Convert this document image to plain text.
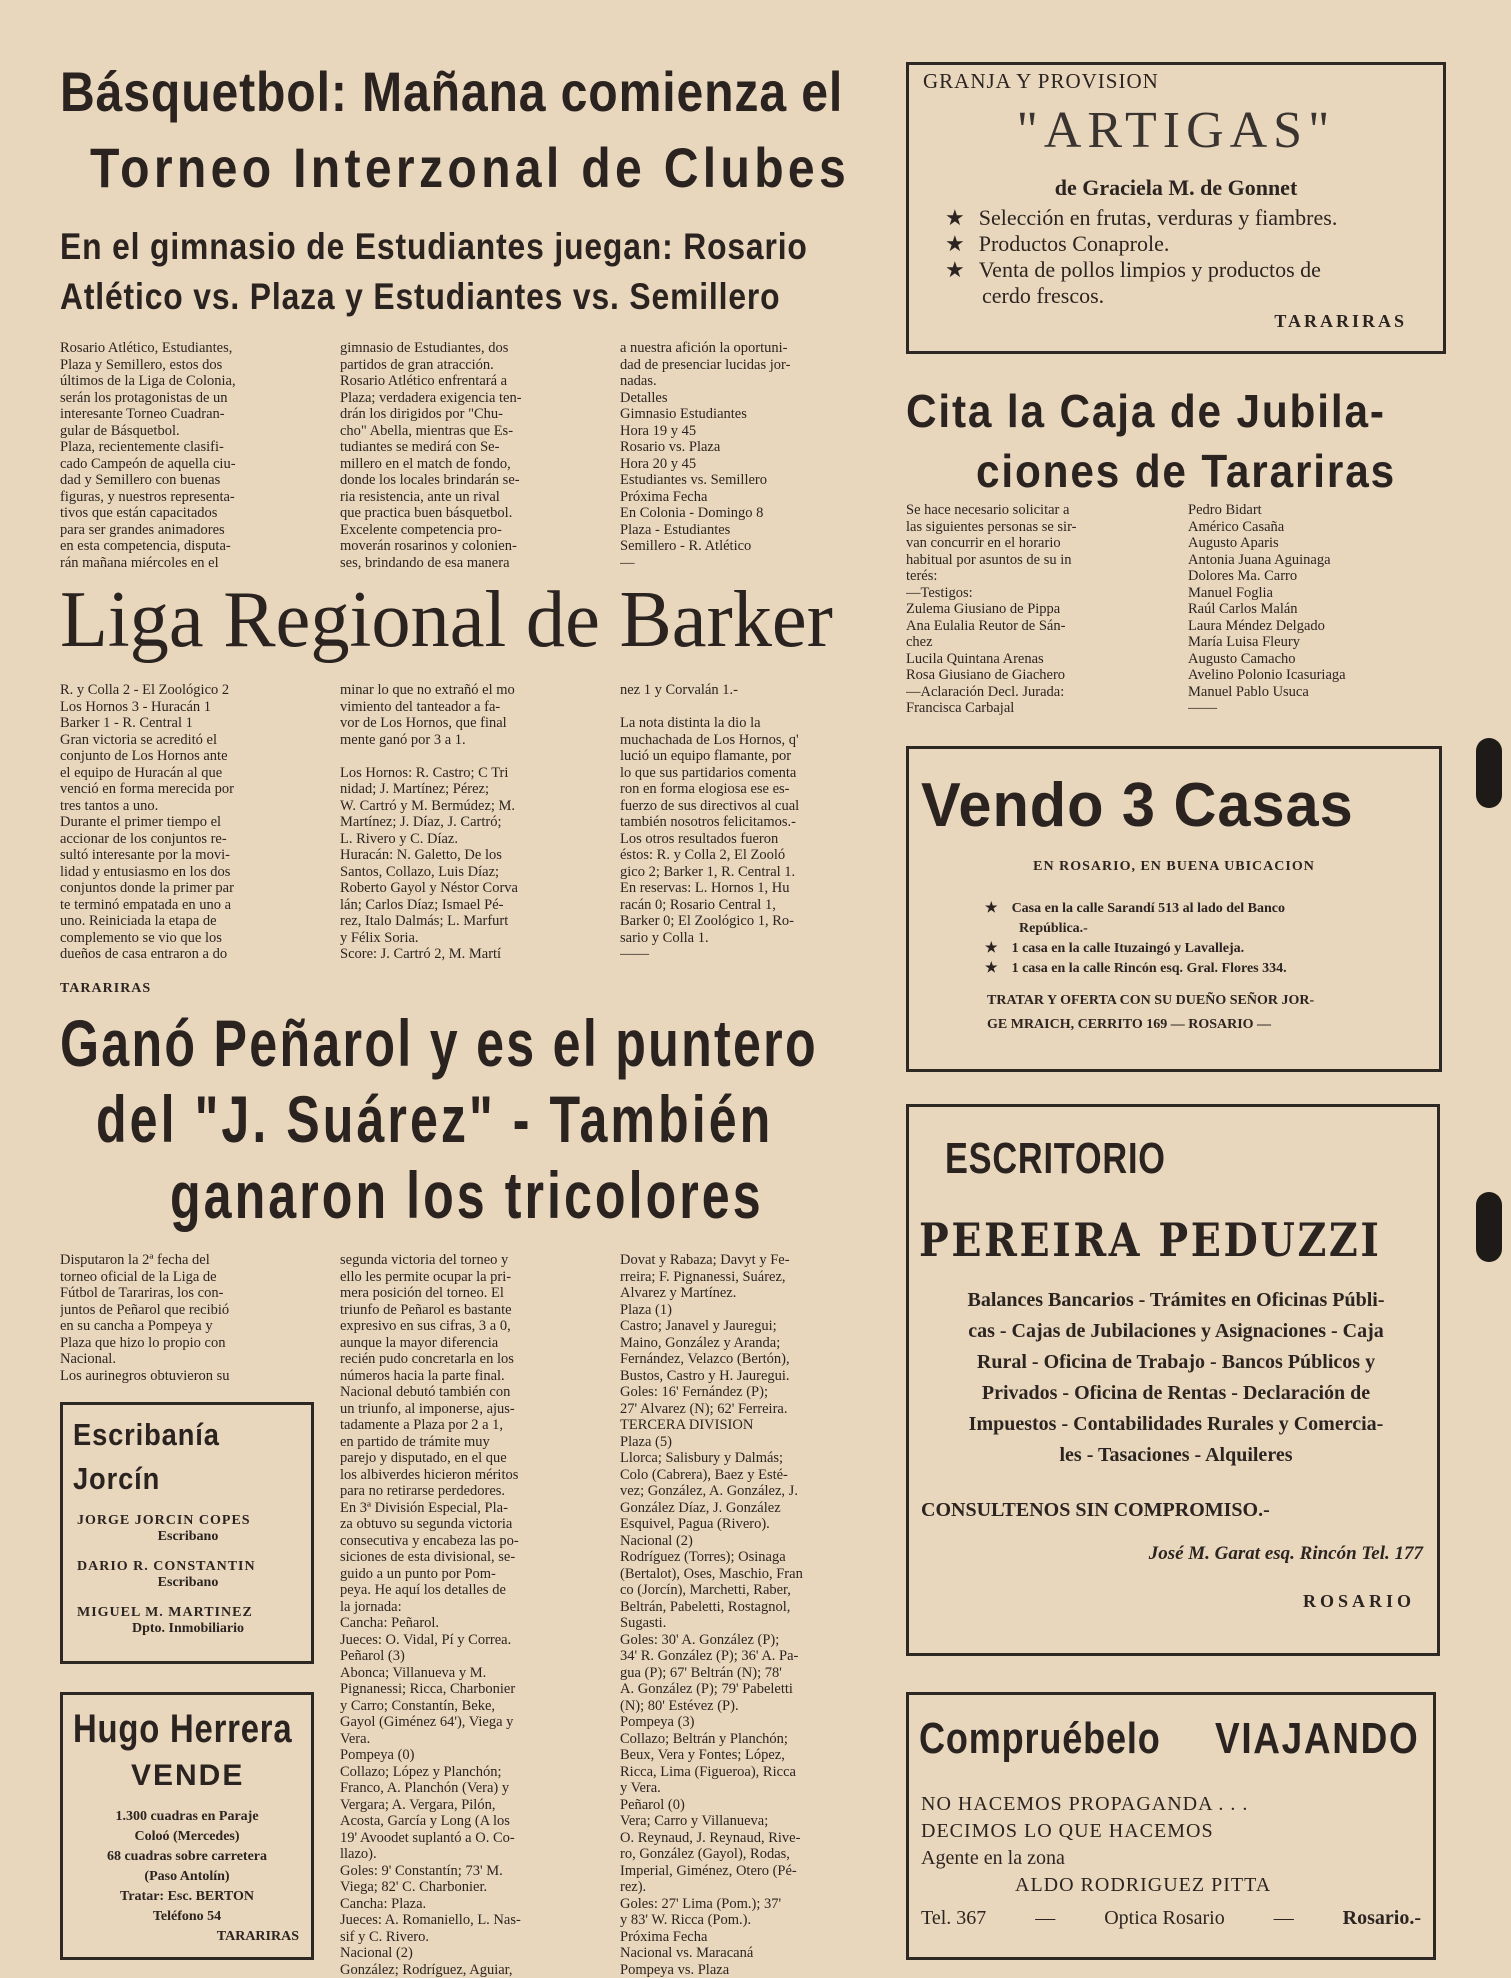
Básquetbol: Mañana comienza el
Torneo Interzonal de Clubes
En el gimnasio de Estudiantes juegan: Rosario
Atlético vs. Plaza y Estudiantes vs. Semillero
Rosario Atlético, Estudiantes,
Plaza y Semillero, estos dos
últimos de la Liga de Colonia,
serán los protagonistas de un
interesante Torneo Cuadran-
gular de Básquetbol.
Plaza, recientemente clasifi-
cado Campeón de aquella ciu-
dad y Semillero con buenas
figuras, y nuestros representa-
tivos que están capacitados
para ser grandes animadores
en esta competencia, disputa-
rán mañana miércoles en el
gimnasio de Estudiantes, dos
partidos de gran atracción.
Rosario Atlético enfrentará a
Plaza; verdadera exigencia ten-
drán los dirigidos por "Chu-
cho" Abella, mientras que Es-
tudiantes se medirá con Se-
millero en el match de fondo,
donde los locales brindarán se-
ria resistencia, ante un rival
que practica buen básquetbol.
Excelente competencia pro-
moverán rosarinos y colonien-
ses, brindando de esa manera
a nuestra afición la oportuni-
dad de presenciar lucidas jor-
nadas.
Detalles
Gimnasio Estudiantes
Hora 19 y 45
Rosario vs. Plaza
Hora 20 y 45
Estudiantes vs. Semillero
Próxima Fecha
En Colonia - Domingo 8
Plaza - Estudiantes
Semillero - R. Atlético
—
Liga Regional de Barker
R. y Colla 2 - El Zoológico 2
Los Hornos 3 - Huracán 1
Barker 1 - R. Central 1
Gran victoria se acreditó el
conjunto de Los Hornos ante
el equipo de Huracán al que
venció en forma merecida por
tres tantos a uno.
Durante el primer tiempo el
accionar de los conjuntos re-
sultó interesante por la movi-
lidad y entusiasmo en los dos
conjuntos donde la primer par
te terminó empatada en uno a
uno. Reiniciada la etapa de
complemento se vio que los
dueños de casa entraron a do
minar lo que no extrañó el mo
vimiento del tanteador a fa-
vor de Los Hornos, que final
mente ganó por 3 a 1.

Los Hornos: R. Castro; C Tri
nidad; J. Martínez; Pérez;
W. Cartró y M. Bermúdez; M.
Martínez; J. Díaz, J. Cartró;
L. Rivero y C. Díaz.
Huracán: N. Galetto, De los
Santos, Collazo, Luis Díaz;
Roberto Gayol y Néstor Corva
lán; Carlos Díaz; Ismael Pé-
rez, Italo Dalmás; L. Marfurt
y Félix Soria.
Score: J. Cartró 2, M. Martí
nez 1 y Corvalán 1.-

La nota distinta la dio la
muchachada de Los Hornos, q'
lució un equipo flamante, por
lo que sus partidarios comenta
ron en forma elogiosa ese es-
fuerzo de sus directivos al cual
también nosotros felicitamos.-
Los otros resultados fueron
éstos: R. y Colla 2, El Zooló
gico 2; Barker 1, R. Central 1.
En reservas: L. Hornos 1, Hu
racán 0; Rosario Central 1,
Barker 0; El Zoológico 1, Ro-
sario y Colla 1.
——
TARARIRAS
Ganó Peñarol y es el puntero
del "J. Suárez" - También
ganaron los tricolores
Disputaron la 2ª fecha del
torneo oficial de la Liga de
Fútbol de Tarariras, los con-
juntos de Peñarol que recibió
en su cancha a Pompeya y
Plaza que hizo lo propio con
Nacional.
Los aurinegros obtuvieron su
segunda victoria del torneo y
ello les permite ocupar la pri-
mera posición del torneo. El
triunfo de Peñarol es bastante
expresivo en sus cifras, 3 a 0,
aunque la mayor diferencia
recién pudo concretarla en los
números hacia la parte final.
Nacional debutó también con
un triunfo, al imponerse, ajus-
tadamente a Plaza por 2 a 1,
en partido de trámite muy
parejo y disputado, en el que
los albiverdes hicieron méritos
para no retirarse perdedores.
En 3ª División Especial, Pla-
za obtuvo su segunda victoria
consecutiva y encabeza las po-
siciones de esta divisional, se-
guido a un punto por Pom-
peya. He aquí los detalles de
la jornada:
Cancha: Peñarol.
Jueces: O. Vidal, Pí y Correa.
Peñarol (3)
Abonca; Villanueva y M.
Pignanessi; Ricca, Charbonier
y Carro; Constantín, Beke,
Gayol (Giménez 64'), Viega y
Vera.
Pompeya (0)
Collazo; López y Planchón;
Franco, A. Planchón (Vera) y
Vergara; A. Vergara, Pilón,
Acosta, García y Long (A los
19' Avoodet suplantó a O. Co-
llazo).
Goles: 9' Constantín; 73' M.
Viega; 82' C. Charbonier.
Cancha: Plaza.
Jueces: A. Romaniello, L. Nas-
sif y C. Rivero.
Nacional (2)
González; Rodríguez, Aguiar,
Dovat y Rabaza; Davyt y Fe-
rreira; F. Pignanessi, Suárez,
Alvarez y Martínez.
Plaza (1)
Castro; Janavel y Jauregui;
Maino, González y Aranda;
Fernández, Velazco (Bertón),
Bustos, Castro y H. Jauregui.
Goles: 16' Fernández (P);
27' Alvarez (N); 62' Ferreira.
TERCERA DIVISION
Plaza (5)
Llorca; Salisbury y Dalmás;
Colo (Cabrera), Baez y Esté-
vez; González, A. González, J.
González Díaz, J. González
Esquivel, Pagua (Rivero).
Nacional (2)
Rodríguez (Torres); Osinaga
(Bertalot), Oses, Maschio, Fran
co (Jorcín), Marchetti, Raber,
Beltrán, Pabeletti, Rostagnol,
Sugasti.
Goles: 30' A. González (P);
34' R. González (P); 36' A. Pa-
gua (P); 67' Beltrán (N); 78'
A. González (P); 79' Pabeletti
(N); 80' Estévez (P).
Pompeya (3)
Collazo; Beltrán y Planchón;
Beux, Vera y Fontes; López,
Ricca, Lima (Figueroa), Ricca
y Vera.
Peñarol (0)
Vera; Carro y Villanueva;
O. Reynaud, J. Reynaud, Rive-
ro, González (Gayol), Rodas,
Imperial, Giménez, Otero (Pé-
rez).
Goles: 27' Lima (Pom.); 37'
y 83' W. Ricca (Pom.).
Próxima Fecha
Nacional vs. Maracaná
Pompeya vs. Plaza
Escribanía
Jorcín
JORGE JORCIN COPES
Escribano
DARIO R. CONSTANTIN
Escribano
MIGUEL M. MARTINEZ
Dpto. Inmobiliario
Hugo Herrera
VENDE
1.300 cuadras en Paraje
Coloó (Mercedes)
68 cuadras sobre carretera
(Paso Antolín)
Tratar: Esc. BERTON
Teléfono 54
TARARIRAS
GRANJA Y PROVISION
"ARTIGAS"
de Graciela M. de Gonnet
★ Selección en frutas, verduras y fiambres.
★ Productos Conaprole.
★ Venta de pollos limpios y productos de
cerdo frescos.
TARARIRAS
Cita la Caja de Jubila-
ciones de Tarariras
Se hace necesario solicitar a
las siguientes personas se sir-
van concurrir en el horario
habitual por asuntos de su in
terés:
—Testigos:
Zulema Giusiano de Pippa
Ana Eulalia Reutor de Sán-
chez
Lucila Quintana Arenas
Rosa Giusiano de Giachero
—Aclaración Decl. Jurada:
Francisca Carbajal
Pedro Bidart
Américo Casaña
Augusto Aparis
Antonia Juana Aguinaga
Dolores Ma. Carro
Manuel Foglia
Raúl Carlos Malán
Laura Méndez Delgado
María Luisa Fleury
Augusto Camacho
Avelino Polonio Icasuriaga
Manuel Pablo Usuca
——
Vendo 3 Casas
EN ROSARIO, EN BUENA UBICACION
★ Casa en la calle Sarandí 513 al lado del Banco
República.-
★ 1 casa en la calle Ituzaingó y Lavalleja.
★ 1 casa en la calle Rincón esq. Gral. Flores 334.
TRATAR Y OFERTA CON SU DUEÑO SEÑOR JOR-
GE MRAICH, CERRITO 169 — ROSARIO —
ESCRITORIO
PEREIRA PEDUZZI
Balances Bancarios - Trámites en Oficinas Públi-
cas - Cajas de Jubilaciones y Asignaciones - Caja
Rural - Oficina de Trabajo - Bancos Públicos y
Privados - Oficina de Rentas - Declaración de
Impuestos - Contabilidades Rurales y Comercia-
les - Tasaciones - Alquileres
CONSULTENOS SIN COMPROMISO.-
José M. Garat esq. Rincón Tel. 177
ROSARIO
Compruébelo VIAJANDO
NO HACEMOS PROPAGANDA . . .
DECIMOS LO QUE HACEMOS
Agente en la zona
ALDO RODRIGUEZ PITTA
Tel. 367 — Optica Rosario — Rosario.-
